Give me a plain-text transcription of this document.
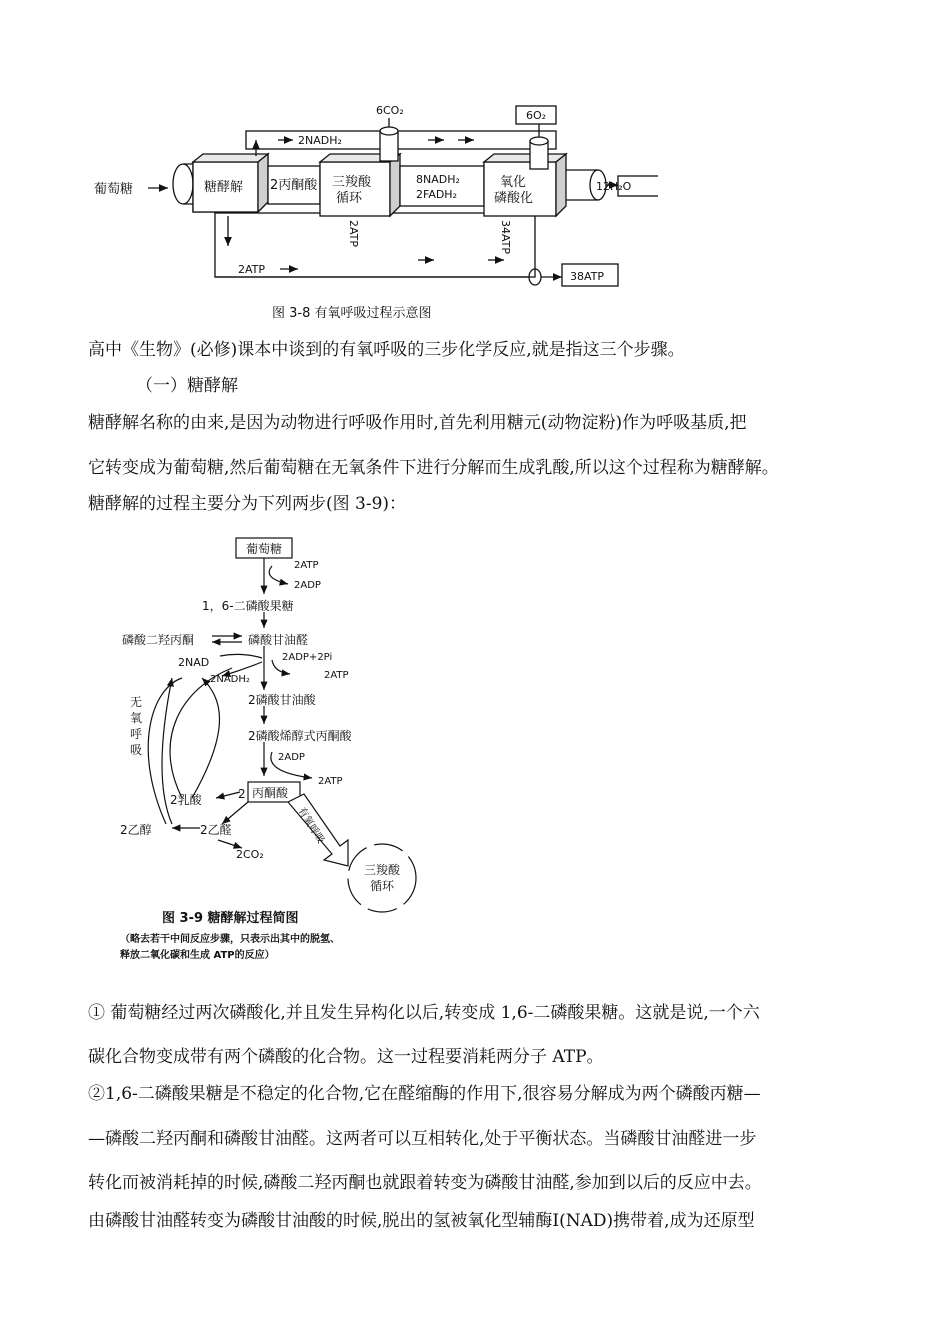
葡萄糖	糖酵解 2丙酮酸 三羧酸
循环
氧化
磷酸化
2NADH₂
6CO₂	6O₂
12H₂O
8NADH₂
2FADH₂
2ATP	34ATP
2ATP
38ATP
图 3-8 有氧呼吸过程示意图
高中《生物》(必修)课本中谈到的有氧呼吸的三步化学反应,就是指这三个步骤。
（一）糖酵解
糖酵解名称的由来,是因为动物进行呼吸作用时,首先利用糖元(动物淀粉)作为呼吸基质,把
它转变成为葡萄糖,然后葡萄糖在无氧条件下进行分解而生成乳酸,所以这个过程称为糖酵解。
糖酵解的过程主要分为下列两步(图 3-9)：
葡萄糖
2ATP
2ADP
1，6-二磷酸果糖
磷酸二羟丙酮	磷酸甘油醛
2NAD	2ADP+2Pi
2NADH₂	2ATP
2磷酸甘油酸
2磷酸烯醇式丙酮酸
2ADP
2ATP
无
氧
呼
吸
2 丙酮酸
2乳酸
2乙醇	2乙醛
2CO₂
有氧呼吸
三羧酸
循环
图 3-9 糖酵解过程简图
（略去若干中间反应步骤，只表示出其中的脱氢、
释放二氧化碳和生成 ATP的反应）
① 葡萄糖经过两次磷酸化,并且发生异构化以后,转变成 1,6-二磷酸果糖。这就是说,一个六
碳化合物变成带有两个磷酸的化合物。这一过程要消耗两分子 ATP。
②1,6-二磷酸果糖是不稳定的化合物,它在醛缩酶的作用下,很容易分解成为两个磷酸丙糖—
—磷酸二羟丙酮和磷酸甘油醛。这两者可以互相转化,处于平衡状态。当磷酸甘油醛进一步
转化而被消耗掉的时候,磷酸二羟丙酮也就跟着转变为磷酸甘油醛,参加到以后的反应中去。
由磷酸甘油醛转变为磷酸甘油酸的时候,脱出的氢被氧化型辅酶Ⅰ(NAD)携带着,成为还原型
